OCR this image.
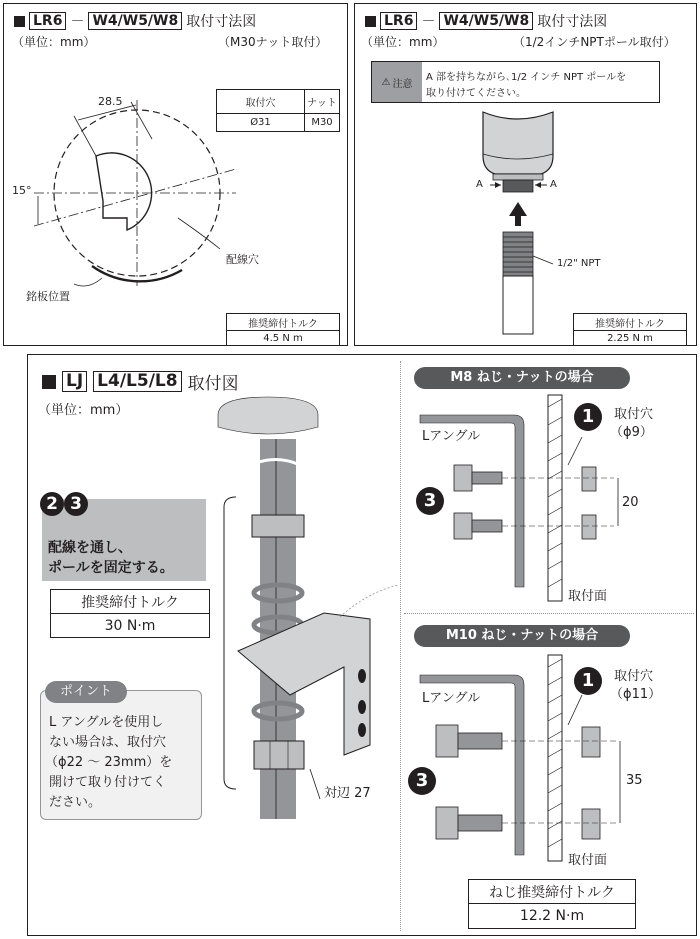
LR6 － W4/W5/W8 取付寸法図
（単位：mm）	（M30ナット取付）
取付穴	ナット
Ø31	M30
28.5
15°
配線穴
銘板位置
推奨締付トルク
4.5 N m
LR6 － W4/W5/W8 取付寸法図
（単位：mm）	（1/2インチNPTポール取付）
⚠ 注意
A 部を持ちながら､1/2 インチ NPT ポールを
取り付けてください。
A	A
1/2" NPT
推奨締付トルク
2.25 N m
LJ L4/L5/L8 取付図
（単位：mm）
2 3
配線を通し、
ポールを固定する。
推奨締付トルク
30 N·m
ポイント
L アングルを使用し
ない場合は、取付穴
（ϕ22 ～ 23mm）を
開けて取り付けてく
ださい。
対辺 27
M8 ねじ・ナットの場合
Lアングル
1	取付穴
（ϕ9）
3	20
取付面
M10 ねじ・ナットの場合
Lアングル
1	取付穴
（ϕ11）
3	35
取付面
ねじ推奨締付トルク
12.2 N·m
